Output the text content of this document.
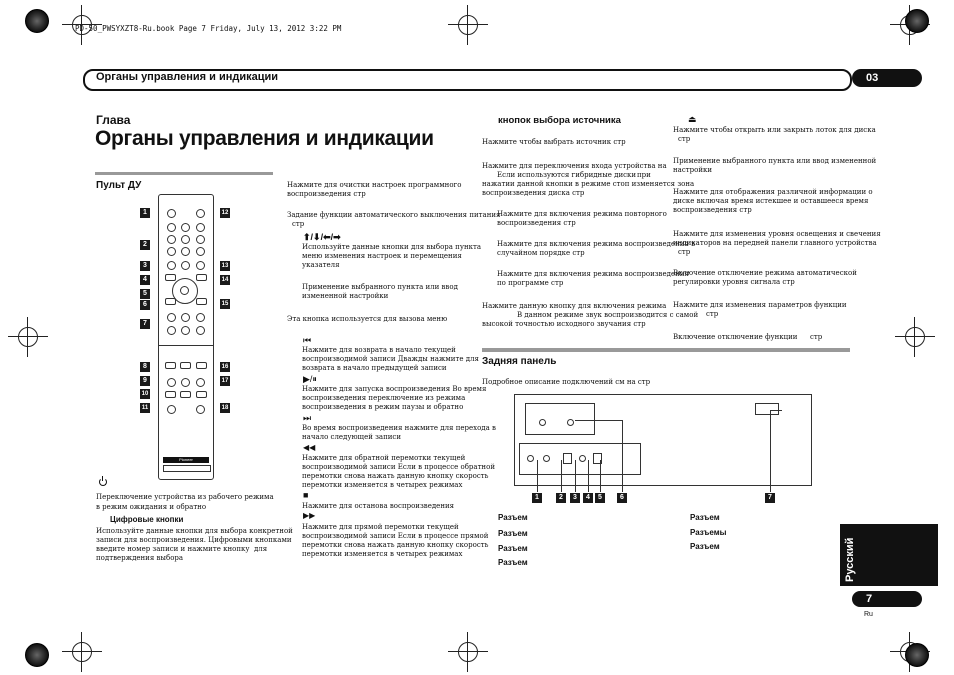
PD-50_PWSYXZT8-Ru.book Page 7 Friday, July 13, 2012 3:22 PM
Органы управления и индикации	03
Глава
Органы управления и индикации
Пульт ДУ
Pioneer
1
2
3
4
5
6
7
8
9
10
11
12
13
14
15
16
17
18
Переключение устройства из рабочего режима в режим ожидания и обратно
Цифровые кнопки
Используйте данные кнопки для выбора конкретной
записи для воспроизведения. Цифровыми кнопками
введите номер записи и нажмите кнопку для
подтверждения выбора
Нажмите для очистки настроек программного
воспроизведения стр
Задание функции автоматического выключения питания
стр
⬆/⬇/⬅/➡
Используйте данные кнопки для выбора пункта
меню изменения настроек и перемещения
указателя
Применение выбранного пункта или ввод
измененной настройки
Эта кнопка используется для вызова меню
⏮
Нажмите для возврата в начало текущей
воспроизводимой записи Дважды нажмите для
возврата в начало предыдущей записи
▶/⏸
Нажмите для запуска воспроизведения Во время
воспроизведения переключение из режима
воспроизведения в режим паузы и обратно
⏭
Во время воспроизведения нажмите для перехода в
начало следующей записи
◀◀
Нажмите для обратной перемотки текущей
воспроизводимой записи Если в процессе обратной
перемотки снова нажать данную кнопку скорость
перемотки изменяется в четырех режимах
■
Нажмите для останова воспроизведения
▶▶
Нажмите для прямой перемотки текущей
воспроизводимой записи Если в процессе прямой
перемотки снова нажать данную кнопку скорость
перемотки изменяется в четырех режимах
кнопок выбора источника
Нажмите чтобы выбрать источник стр
Нажмите для переключения входа устройства на
Если используются гибридные диски при
нажатии данной кнопки в режиме стоп изменяется зона
воспроизведения диска стр
Нажмите для включения режима повторного
воспроизведения стр
Нажмите для включения режима воспроизведения в
случайном порядке стр
Нажмите для включения режима воспроизведения
по программе стр
Нажмите данную кнопку для включения режима
В данном режиме звук воспроизводится с самой
высокой точностью исходного звучания стр
Задняя панель
Подробное описание подключений см на стр
1	2	3	4	5	6	7
Разъем
Разъем
Разъем
Разъем
Разъем
Разъемы
Разъем
⏏
Нажмите чтобы открыть или закрыть лоток для диска
стр
Применение выбранного пункта или ввод измененной
настройки
Нажмите для отображения различной информации о
диске включая время истекшее и оставшееся время
воспроизведения стр
Нажмите для изменения уровня освещения и свечения
индикаторов на передней панели главного устройства
стр
Включение отключение режима автоматической
регулировки уровня сигнала стр
Нажмите для изменения параметров функции
стр
Включение отключение функции стр
Русский
7
Ru
